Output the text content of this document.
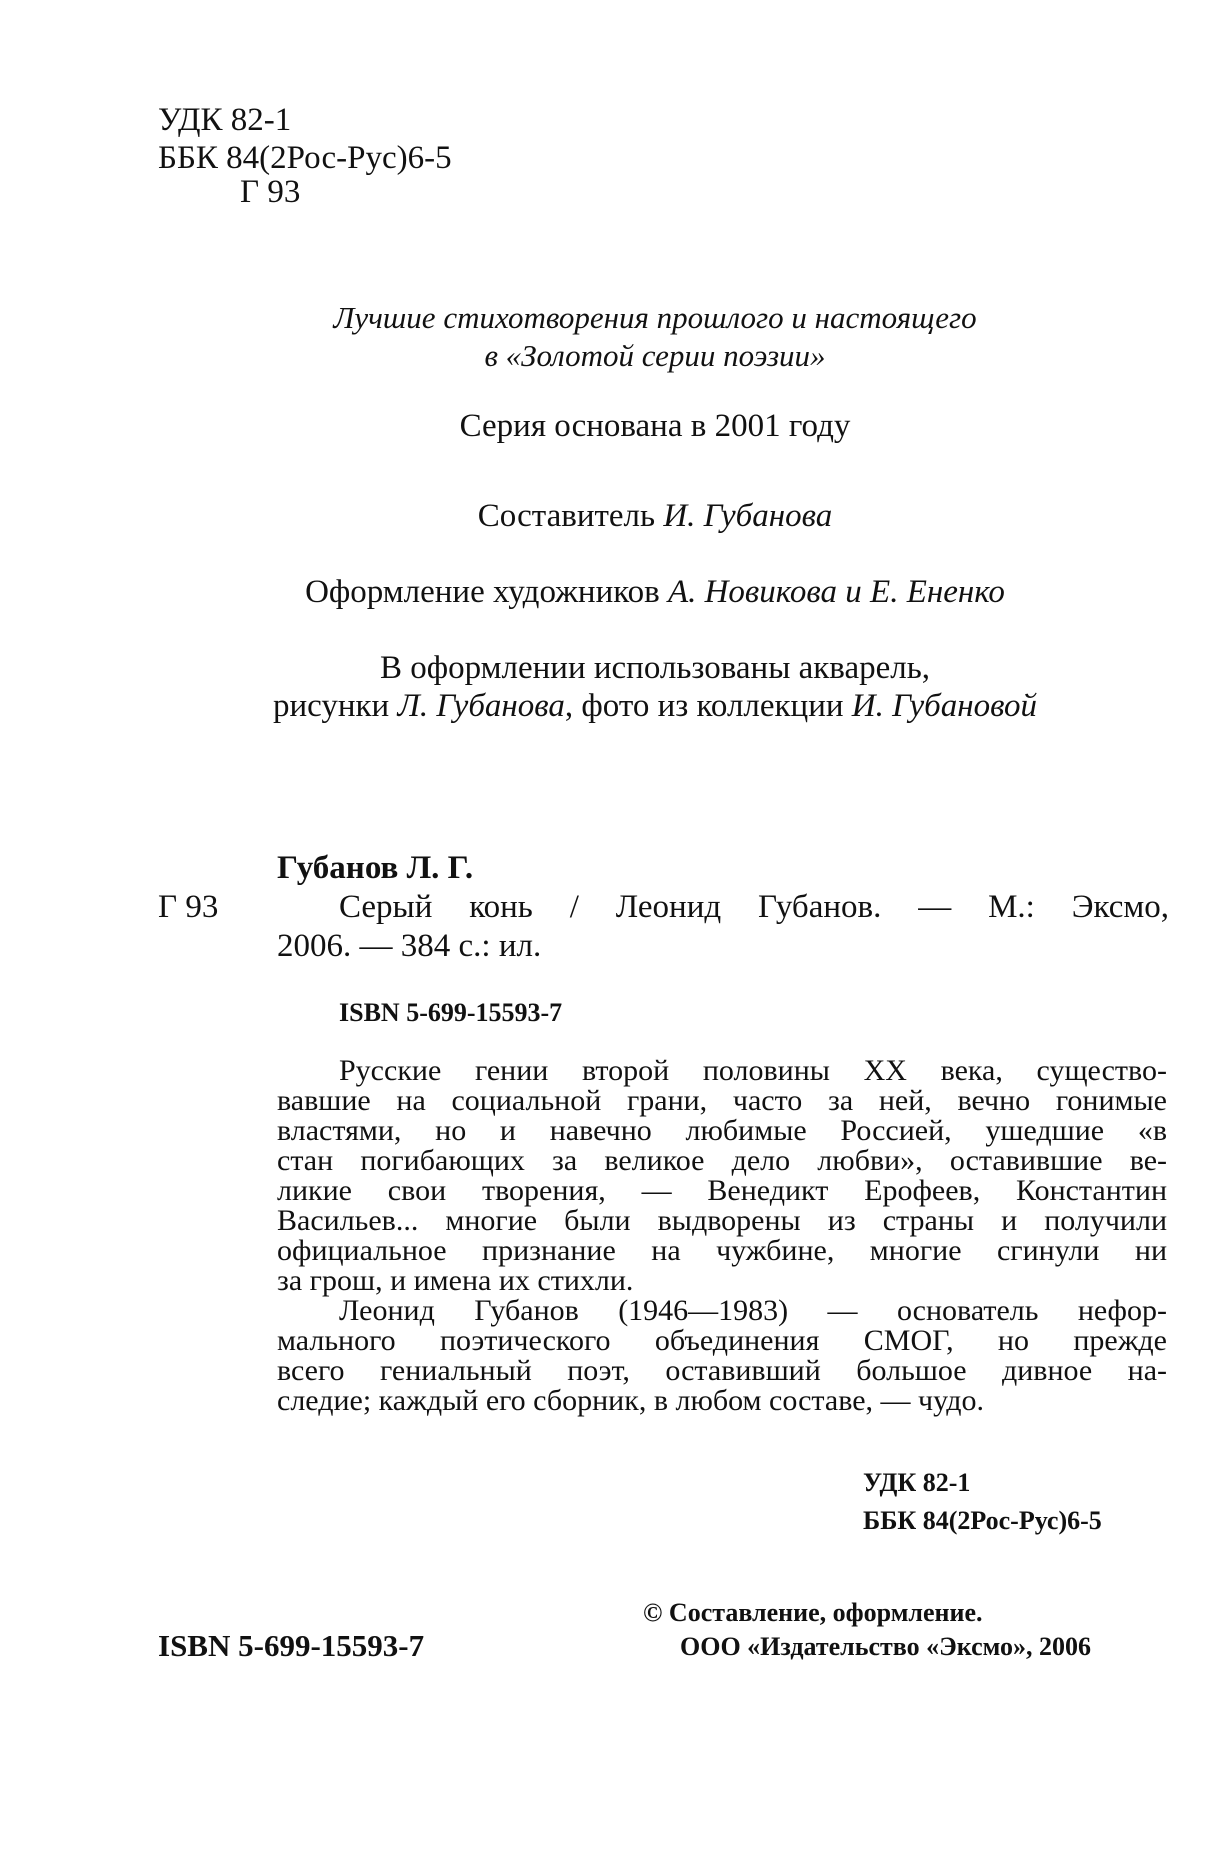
УДК 82-1
ББК 84(2Рос-Рус)6-5
Г 93
Лучшие стихотворения прошлого и настоящего
в «Золотой серии поэзии»
Серия основана в 2001 году
Составитель И. Губанова
Оформление художников А. Новикова и Е. Ененко
В оформлении использованы акварель,
рисунки Л. Губанова, фото из коллекции И. Губановой
Губанов Л. Г.
Г 93	Серый конь / Леонид Губанов. — М.: Эксмо,
2006. — 384 с.: ил.
ISBN 5-699-15593-7
Русские гении второй половины XX века, существо-
вавшие на социальной грани, часто за ней, вечно гонимые
властями, но и навечно любимые Россией, ушедшие «в
стан погибающих за великое дело любви», оставившие ве-
ликие свои творения, — Венедикт Ерофеев, Константин
Васильев... многие были выдворены из страны и получили
официальное признание на чужбине, многие сгинули ни
за грош, и имена их стихли.
Леонид Губанов (1946—1983) — основатель нефор-
мального поэтического объединения СМОГ, но прежде
всего гениальный поэт, оставивший большое дивное на-
следие; каждый его сборник, в любом составе, — чудо.
УДК 82-1
ББК 84(2Рос-Рус)6-5
ISBN 5-699-15593-7
© Составление, оформление.
ООО «Издательство «Эксмо», 2006
